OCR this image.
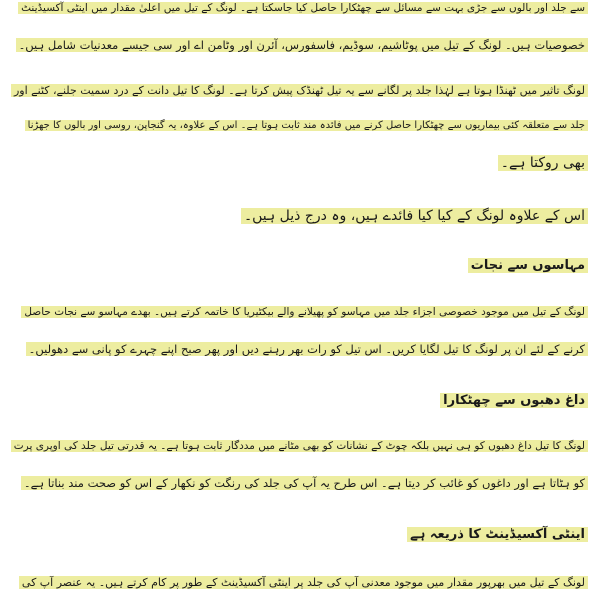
سے جلد اور بالوں سے جڑی بہت سے مسائل سے چھٹکارا حاصل کیا جاسکتا ہے۔ لونگ کے تیل میں اعلیٰ مقدار میں اینٹی آکسیڈینٹ
خصوصیات ہیں۔ لونگ کے تیل میں پوٹاشیم، سوڈیم، فاسفورس، آئرن اور وٹامن اے اور سی جیسے معدنیات شامل ہیں۔
لونگ تاثیر میں ٹھنڈا ہوتا ہے لہٰذا جلد پر لگانے سے یہ تیل ٹھنڈک پیش کرتا ہے۔ لونگ کا تیل دانت کے درد سمیت جلنے، کٹنے اور
جلد سے متعلقہ کئی بیماریوں سے چھٹکارا حاصل کرنے میں فائدہ مند ثابت ہوتا ہے۔ اس کے علاوہ، یہ گنجاپن، روسی اور بالوں کا جھڑنا
بھی روکتا ہے۔
اس کے علاوہ لونگ کے کیا کیا فائدے ہیں، وہ درج ذیل ہیں۔
مہاسوں سے نجات
لونگ کے تیل میں موجود خصوصی اجزاء جلد میں مہاسو کو پھیلانے والے بیکٹیریا کا خاتمہ کرتے ہیں۔ بھدے مہاسو سے نجات حاصل
کرنے کے لئے ان پر لونگ کا تیل لگایا کریں۔ اس تیل کو رات بھر رہنے دیں اور پھر صبح اپنے چہرے کو پانی سے دھولیں۔
داغ دھبوں سے چھٹکارا
لونگ کا تیل داغ دھبوں کو ہی نہیں بلکہ چوٹ کے نشانات کو بھی مٹانے میں مددگار ثابت ہوتا ہے۔ یہ قدرتی تیل جلد کی اوپری پرت
کو ہٹاتا ہے اور داغوں کو غائب کر دیتا ہے۔ اس طرح یہ آپ کی جلد کی رنگت کو نکھار کے اس کو صحت مند بناتا ہے۔
اینٹی آکسیڈینٹ کا ذریعہ ہے
لونگ کے تیل میں بھرپور مقدار میں موجود معدنی آپ کی جلد پر اینٹی آکسیڈینٹ کے طور پر کام کرتے ہیں۔ یہ عنصر آپ کی
